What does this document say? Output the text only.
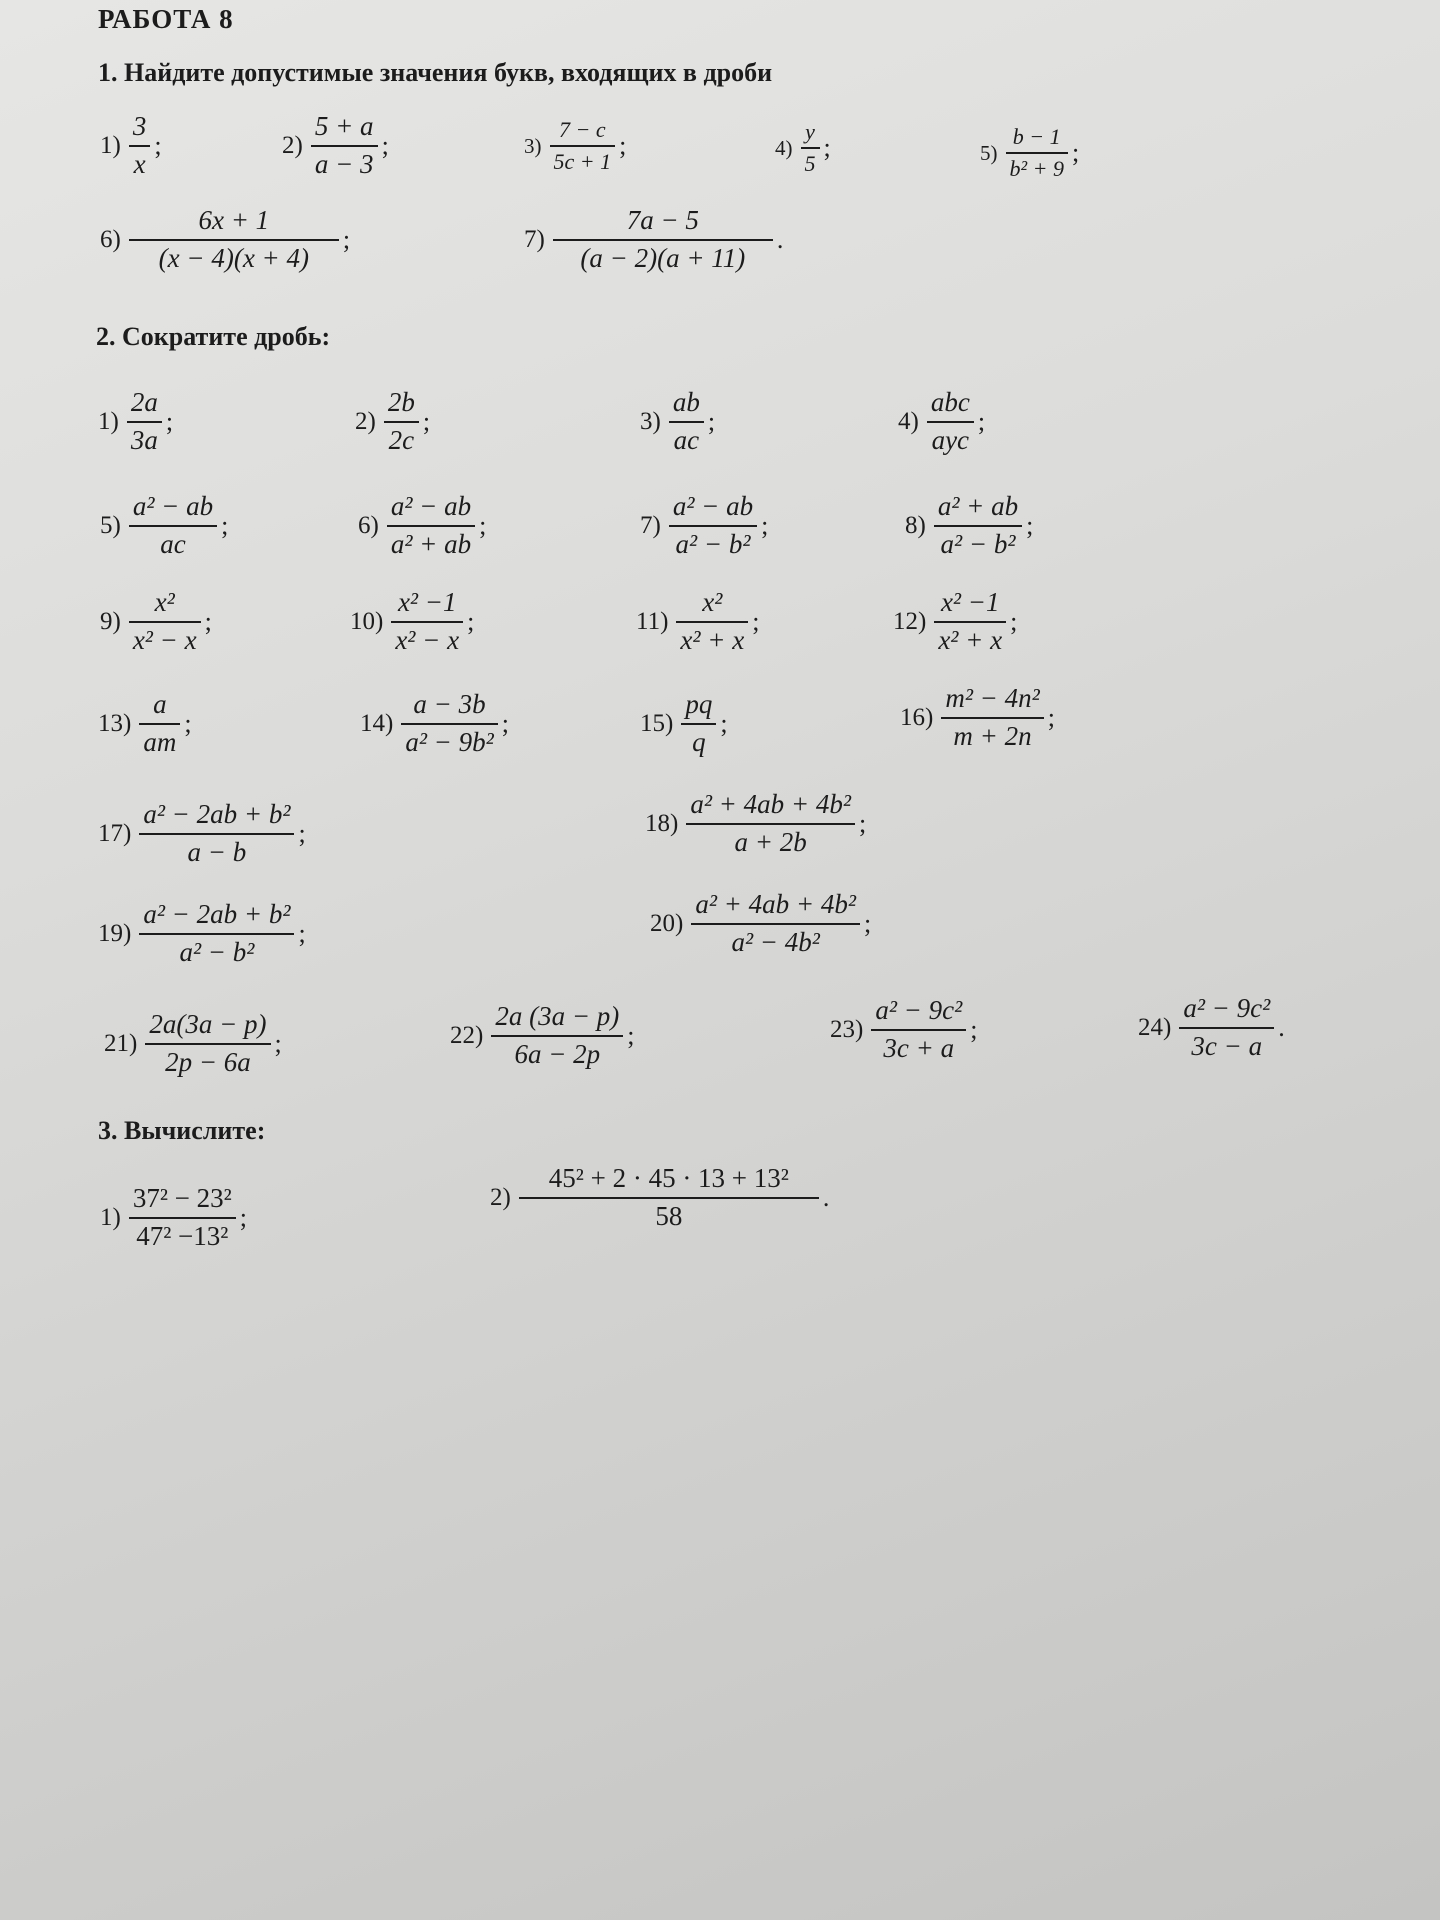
РАБОТА 8
1. Найдите допустимые значения букв, входящих в дроби
$1) \frac{3}{x}$ ;	$2) \frac{5 + a}{a - 3}$ ;	$3) \frac{7 - c}{5c + 1}$ ;	$4) \frac{y}{5}$ ;	$5) \frac{b - 1}{\text{b² + 9}}$ ;
$6) \frac{6x + 1}{(x - 4)(x + 4)}$ ;	$7) \frac{7a - 5}{(a - 2)(a + 11)}$ .
2. Сократите дробь:
$1) \frac{2a}{3a}$ ;	$2) \frac{2b}{2c}$ ;	$3) \frac{ab}{ac}$ ;	$4) \frac{\text{abc}}{\text{ayc}}$ ;
$5) \frac{\text{a² − ab}}{ac}$ ;	$6) \frac{\text{a² − ab}}{\text{a² + ab}}$ ;	$7) \frac{\text{a² − ab}}{\text{a² − b²}}$ ;	$8) \frac{\text{a² + ab}}{\text{a² − b²}}$ ;
$9) \frac{\text{x²}}{\text{x² − x}}$ ;	$10) \frac{\text{x² −1}}{\text{x² − x}}$ ;	$11) \frac{\text{x²}}{\text{x² + x}}$ ;	$12) \frac{\text{x² −1}}{\text{x² + x}}$ ;
$13) \frac{a}{am}$ ;	$14) \frac{a - 3b}{\text{a² − 9b²}}$ ;	$15) \frac{pq}{q}$ ;	$16) \frac{\text{m² − 4n²}}{m + 2n}$ ;
$17) \frac{\text{a² − 2ab + b²}}{a - b}$ ;	$18) \frac{\text{a² + 4ab + 4b²}}{a + 2b}$ ;
$19) \frac{\text{a² − 2ab + b²}}{\text{a² − b²}}$ ;	$20) \frac{\text{a² + 4ab + 4b²}}{\text{a² − 4b²}}$ ;
$21) \frac{2a(3a - p)}{2p - 6a}$ ;	$22) \frac{2a (3a - p)}{6a - 2p}$ ;	$23) \frac{\text{a² − 9c²}}{3c + a}$ ;	$24) \frac{\text{a² − 9c²}}{3c - a}$ .
3. Вычислите:
$1) \frac{\text{37² − 23²}}{\text{47² −13²}}$ ;
$2) \frac{\text{45² + 2 · 45 · 13 + 13²}}{58}$ .
